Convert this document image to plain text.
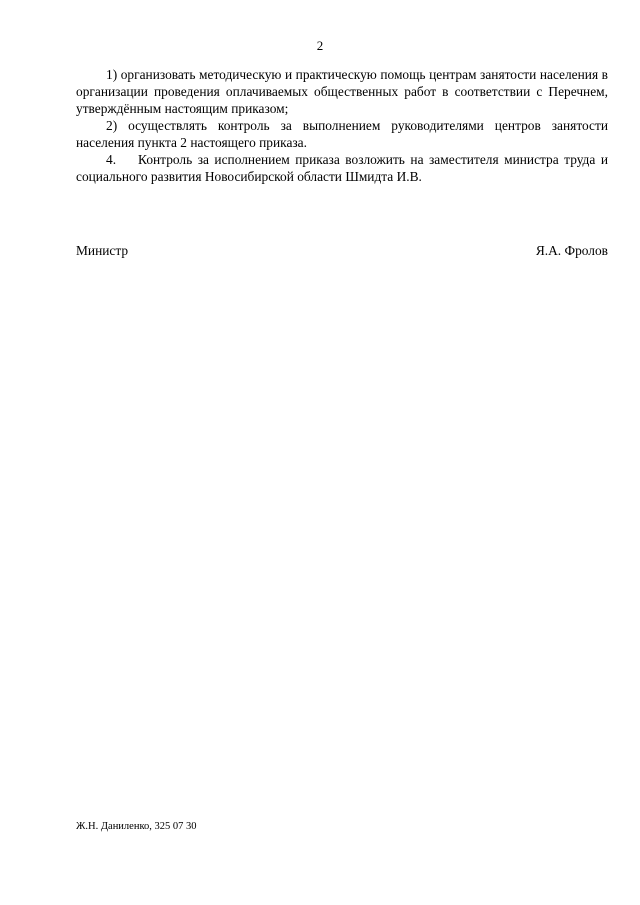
2

1) организовать методическую и практическую помощь центрам занятости населения в организации проведения оплачиваемых общественных работ в соответствии с Перечнем, утверждённым настоящим приказом;

2) осуществлять контроль за выполнением руководителями центров занятости населения пункта 2 настоящего приказа.

4.    Контроль за исполнением приказа возложить на заместителя министра труда и социального развития Новосибирской области Шмидта И.В.

Министр	Я.А. Фролов
Ж.Н. Даниленко, 325 07 30
